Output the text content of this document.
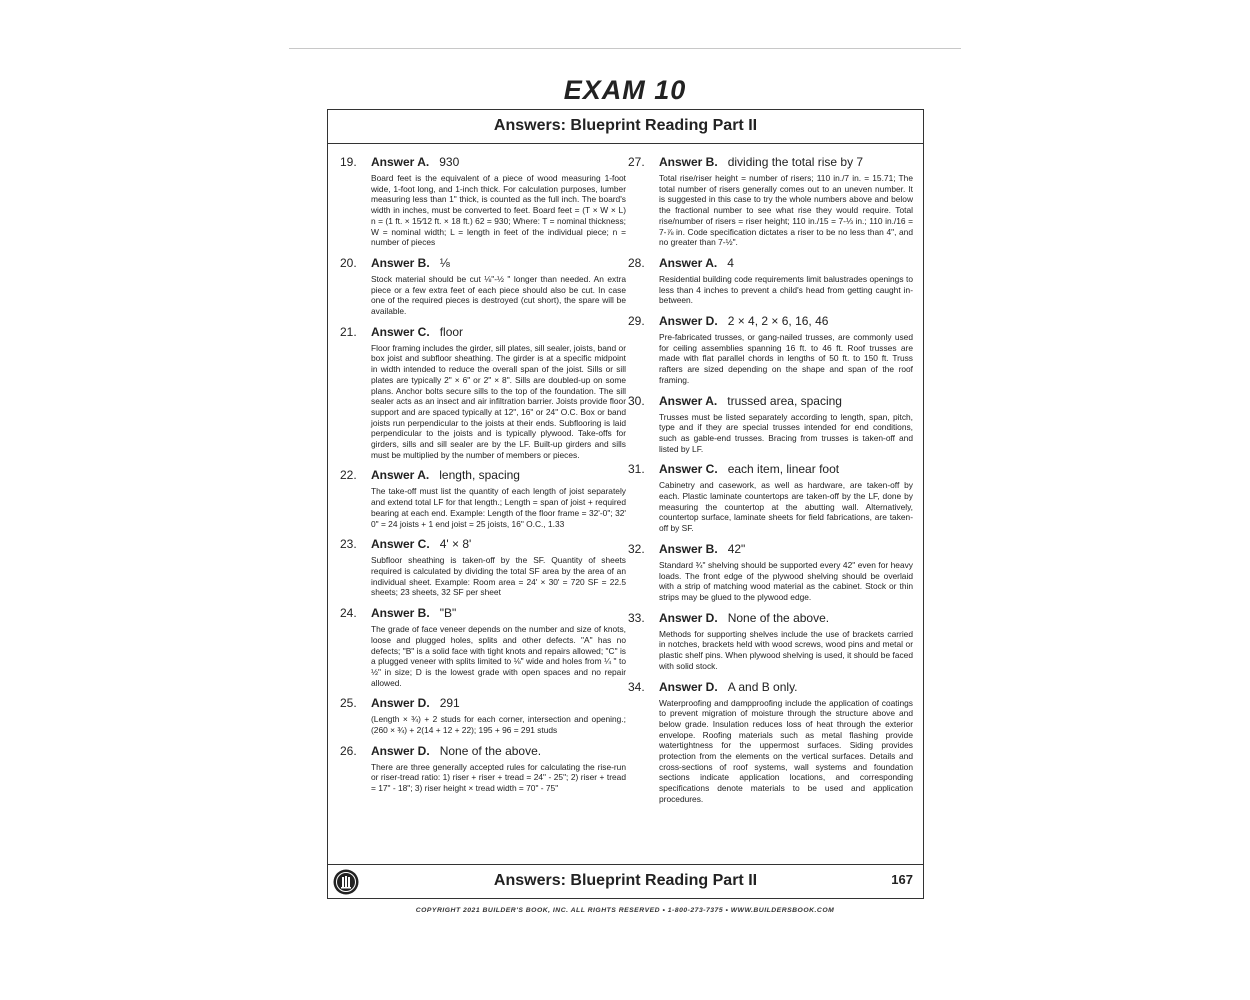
EXAM 10
Answers: Blueprint Reading Part II
19.	Answer A. 930
Board feet is the equivalent of a piece of wood measuring 1-foot wide, 1-foot long, and 1-inch thick. For calculation purposes, lumber measuring less than 1" thick, is counted as the full inch. The board's width in inches, must be converted to feet. Board feet = (T × W × L) n = (1 ft. × 15⁄12 ft. × 18 ft.) 62 = 930; Where: T = nominal thickness; W = nominal width; L = length in feet of the individual piece; n = number of pieces
20.	Answer B. ⅛
Stock material should be cut ⅛"-½ " longer than needed. An extra piece or a few extra feet of each piece should also be cut. In case one of the required pieces is destroyed (cut short), the spare will be available.
21.	Answer C. floor
Floor framing includes the girder, sill plates, sill sealer, joists, band or box joist and subfloor sheathing. The girder is at a specific midpoint in width intended to reduce the overall span of the joist. Sills or sill plates are typically 2" × 6" or 2" × 8". Sills are doubled-up on some plans. Anchor bolts secure sills to the top of the foundation. The sill sealer acts as an insect and air infiltration barrier. Joists provide floor support and are spaced typically at 12", 16" or 24" O.C. Box or band joists run perpendicular to the joists at their ends. Subflooring is laid perpendicular to the joists and is typically plywood. Take-offs for girders, sills and sill sealer are by the LF. Built-up girders and sills must be multiplied by the number of members or pieces.
22.	Answer A. length, spacing
The take-off must list the quantity of each length of joist separately and extend total LF for that length.; Length = span of joist + required bearing at each end. Example: Length of the floor frame = 32'-0"; 32' 0" = 24 joists + 1 end joist = 25 joists, 16" O.C., 1.33
23.	Answer C. 4' × 8'
Subfloor sheathing is taken-off by the SF. Quantity of sheets required is calculated by dividing the total SF area by the area of an individual sheet. Example: Room area = 24' × 30' = 720 SF = 22.5 sheets; 23 sheets, 32 SF per sheet
24.	Answer B. "B"
The grade of face veneer depends on the number and size of knots, loose and plugged holes, splits and other defects. "A" has no defects; "B" is a solid face with tight knots and repairs allowed; "C" is a plugged veneer with splits limited to ⅛" wide and holes from ¼ " to ½" in size; D is the lowest grade with open spaces and no repair allowed.
25.	Answer D. 291
(Length × ¾) + 2 studs for each corner, intersection and opening.; (260 × ¾) + 2(14 + 12 + 22); 195 + 96 = 291 studs
26.	Answer D. None of the above.
There are three generally accepted rules for calculating the rise-run or riser-tread ratio: 1) riser + riser + tread = 24" - 25"; 2) riser + tread = 17" - 18"; 3) riser height × tread width = 70" - 75"
27.	Answer B. dividing the total rise by 7
Total rise/riser height = number of risers; 110 in./7 in. = 15.71; The total number of risers generally comes out to an uneven number. It is suggested in this case to try the whole numbers above and below the fractional number to see what rise they would require. Total rise/number of risers = riser height; 110 in./15 = 7-⅓ in.; 110 in./16 = 7-⅞ in. Code specification dictates a riser to be no less than 4", and no greater than 7-½".
28.	Answer A. 4
Residential building code requirements limit balustrades openings to less than 4 inches to prevent a child's head from getting caught in-between.
29.	Answer D. 2 × 4, 2 × 6, 16, 46
Pre-fabricated trusses, or gang-nailed trusses, are commonly used for ceiling assemblies spanning 16 ft. to 46 ft. Roof trusses are made with flat parallel chords in lengths of 50 ft. to 150 ft. Truss rafters are sized depending on the shape and span of the roof framing.
30.	Answer A. trussed area, spacing
Trusses must be listed separately according to length, span, pitch, type and if they are special trusses intended for end conditions, such as gable-end trusses. Bracing from trusses is taken-off and listed by LF.
31.	Answer C. each item, linear foot
Cabinetry and casework, as well as hardware, are taken-off by each. Plastic laminate countertops are taken-off by the LF, done by measuring the countertop at the abutting wall. Alternatively, countertop surface, laminate sheets for field fabrications, are taken-off by SF.
32.	Answer B. 42"
Standard ¾" shelving should be supported every 42" even for heavy loads. The front edge of the plywood shelving should be overlaid with a strip of matching wood material as the cabinet. Stock or thin strips may be glued to the plywood edge.
33.	Answer D. None of the above.
Methods for supporting shelves include the use of brackets carried in notches, brackets held with wood screws, wood pins and metal or plastic shelf pins. When plywood shelving is used, it should be faced with solid stock.
34.	Answer D. A and B only.
Waterproofing and dampproofing include the application of coatings to prevent migration of moisture through the structure above and below grade. Insulation reduces loss of heat through the exterior envelope. Roofing materials such as metal flashing provide watertightness for the uppermost surfaces. Siding provides protection from the elements on the vertical surfaces. Details and cross-sections of roof systems, wall systems and foundation sections indicate application locations, and corresponding specifications denote materials to be used and application procedures.
Answers: Blueprint Reading Part II	167
COPYRIGHT 2021 BUILDER'S BOOK, INC. ALL RIGHTS RESERVED • 1-800-273-7375 • WWW.BUILDERSBOOK.COM
